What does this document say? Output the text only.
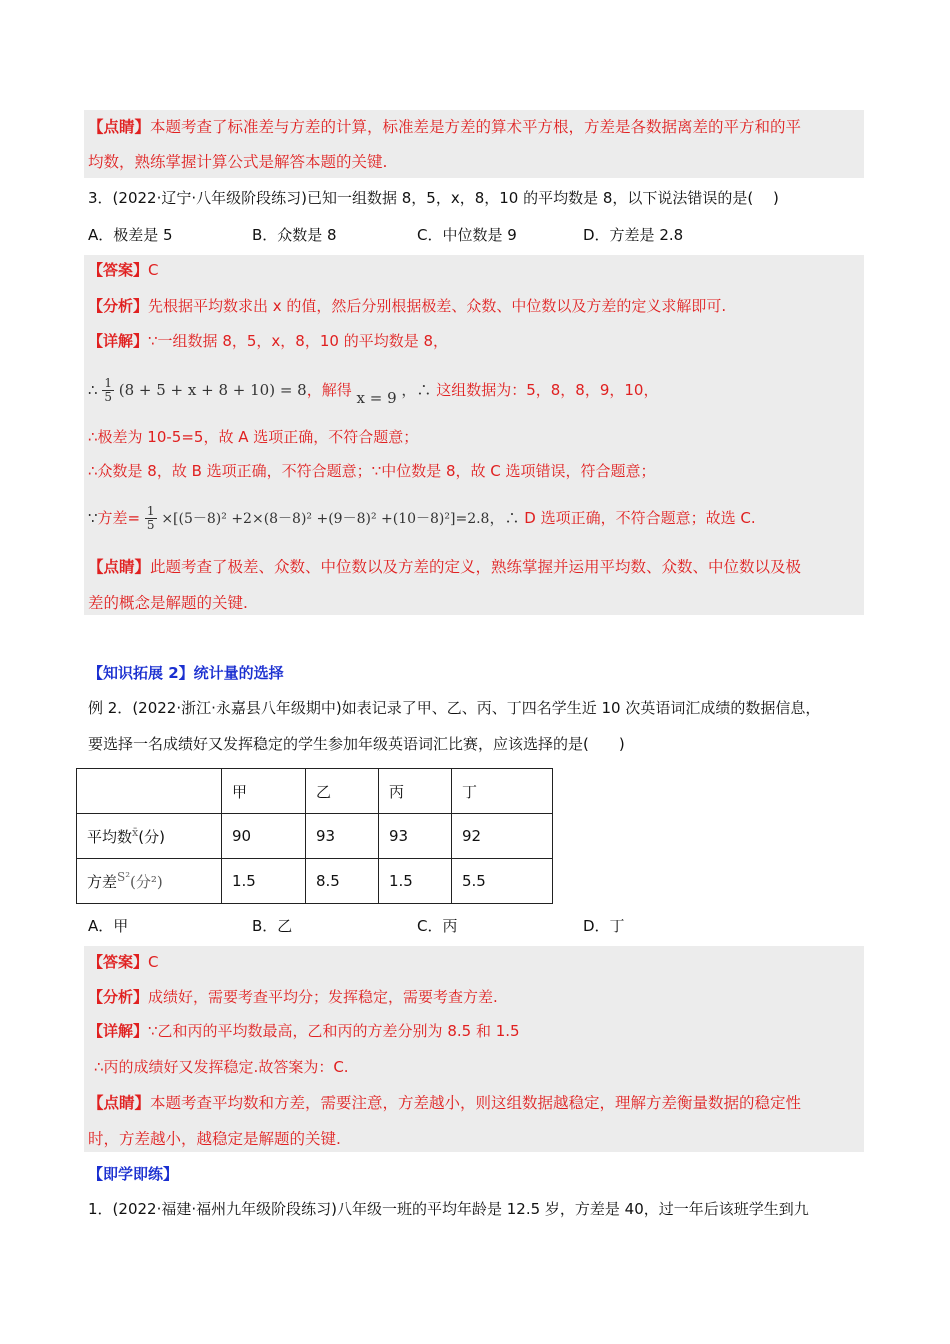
【点睛】本题考查了标准差与方差的计算，标准差是方差的算术平方根，方差是各数据离差的平方和的平
均数，熟练掌握计算公式是解答本题的关键.
3．(2022·辽宁·八年级阶段练习)已知一组数据 8，5，x，8，10 的平均数是 8，以下说法错误的是(　 )
A．极差是 5	B．众数是 8	C．中位数是 9	D．方差是 2.8
【答案】C
【分析】先根据平均数求出 x 的值，然后分别根据极差、众数、中位数以及方差的定义求解即可.
【详解】∵一组数据 8，5，x，8，10 的平均数是 8，
∴ $\frac{1}{5} (8 + 5 + x + 8 + 10) = 8$，解得 x = 9 ，∴ 这组数据为：5，8，8，9，10，
∴极差为 10-5=5，故 A 选项正确，不符合题意；
∴众数是 8，故 B 选项正确，不符合题意；∵中位数是 8，故 C 选项错误，符合题意；
∵方差= $\frac{1}{5} \times[(5-8)^2 +2\times(8-8)^2 +(9-8)^2 +(10-8)^2]=2.8$，∴ D 选项正确，不符合题意；故选 C.
【点睛】此题考查了极差、众数、中位数以及方差的定义，熟练掌握并运用平均数、众数、中位数以及极
差的概念是解题的关键.
【知识拓展 2】统计量的选择
例 2．(2022·浙江·永嘉县八年级期中)如表记录了甲、乙、丙、丁四名学生近 10 次英语词汇成绩的数据信息，
要选择一名成绩好又发挥稳定的学生参加年级英语词汇比赛，应该选择的是(　　)
	甲	乙	丙	丁
平均数$^{x̄}$(分)	90	93	93	92
方差$^{S^2}$(分²)	1.5	8.5	1.5	5.5
A．甲	B．乙	C．丙	D．丁
【答案】C
【分析】成绩好，需要考查平均分；发挥稳定，需要考查方差.
【详解】∵乙和丙的平均数最高，乙和丙的方差分别为 8.5 和 1.5
∴丙的成绩好又发挥稳定.故答案为：C.
【点睛】本题考查平均数和方差，需要注意，方差越小，则这组数据越稳定，理解方差衡量数据的稳定性
时，方差越小，越稳定是解题的关键.
【即学即练】
1．(2022·福建·福州九年级阶段练习)八年级一班的平均年龄是 12.5 岁，方差是 40，过一年后该班学生到九
